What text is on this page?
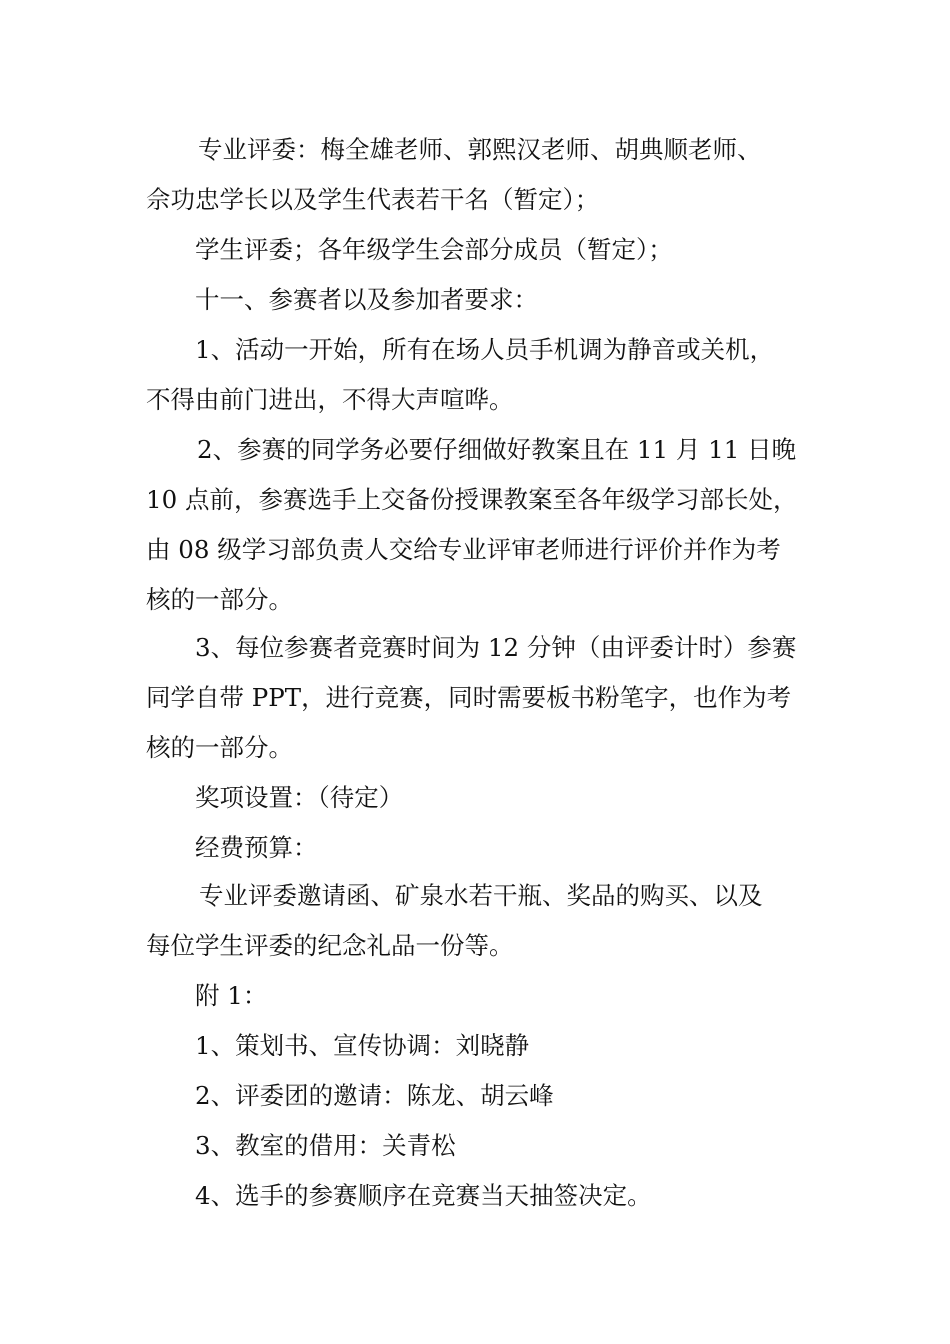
专业评委：梅全雄老师、郭熙汉老师、胡典顺老师、
佘功忠学长以及学生代表若干名（暂定）；
学生评委；各年级学生会部分成员（暂定）；
十一、参赛者以及参加者要求：
1、活动一开始，所有在场人员手机调为静音或关机，
不得由前门进出，不得大声喧哗。
2、参赛的同学务必要仔细做好教案且在 11 月 11 日晚
10 点前，参赛选手上交备份授课教案至各年级学习部长处，
由 08 级学习部负责人交给专业评审老师进行评价并作为考
核的一部分。
3、每位参赛者竞赛时间为 12 分钟（由评委计时）参赛
同学自带 PPT，进行竞赛，同时需要板书粉笔字，也作为考
核的一部分。
奖项设置：（待定）
经费预算：
专业评委邀请函、矿泉水若干瓶、奖品的购买、以及
每位学生评委的纪念礼品一份等。
附 1：
1、策划书、宣传协调：刘晓静
2、评委团的邀请：陈龙、胡云峰
3、教室的借用：关青松
4、选手的参赛顺序在竞赛当天抽签决定。
